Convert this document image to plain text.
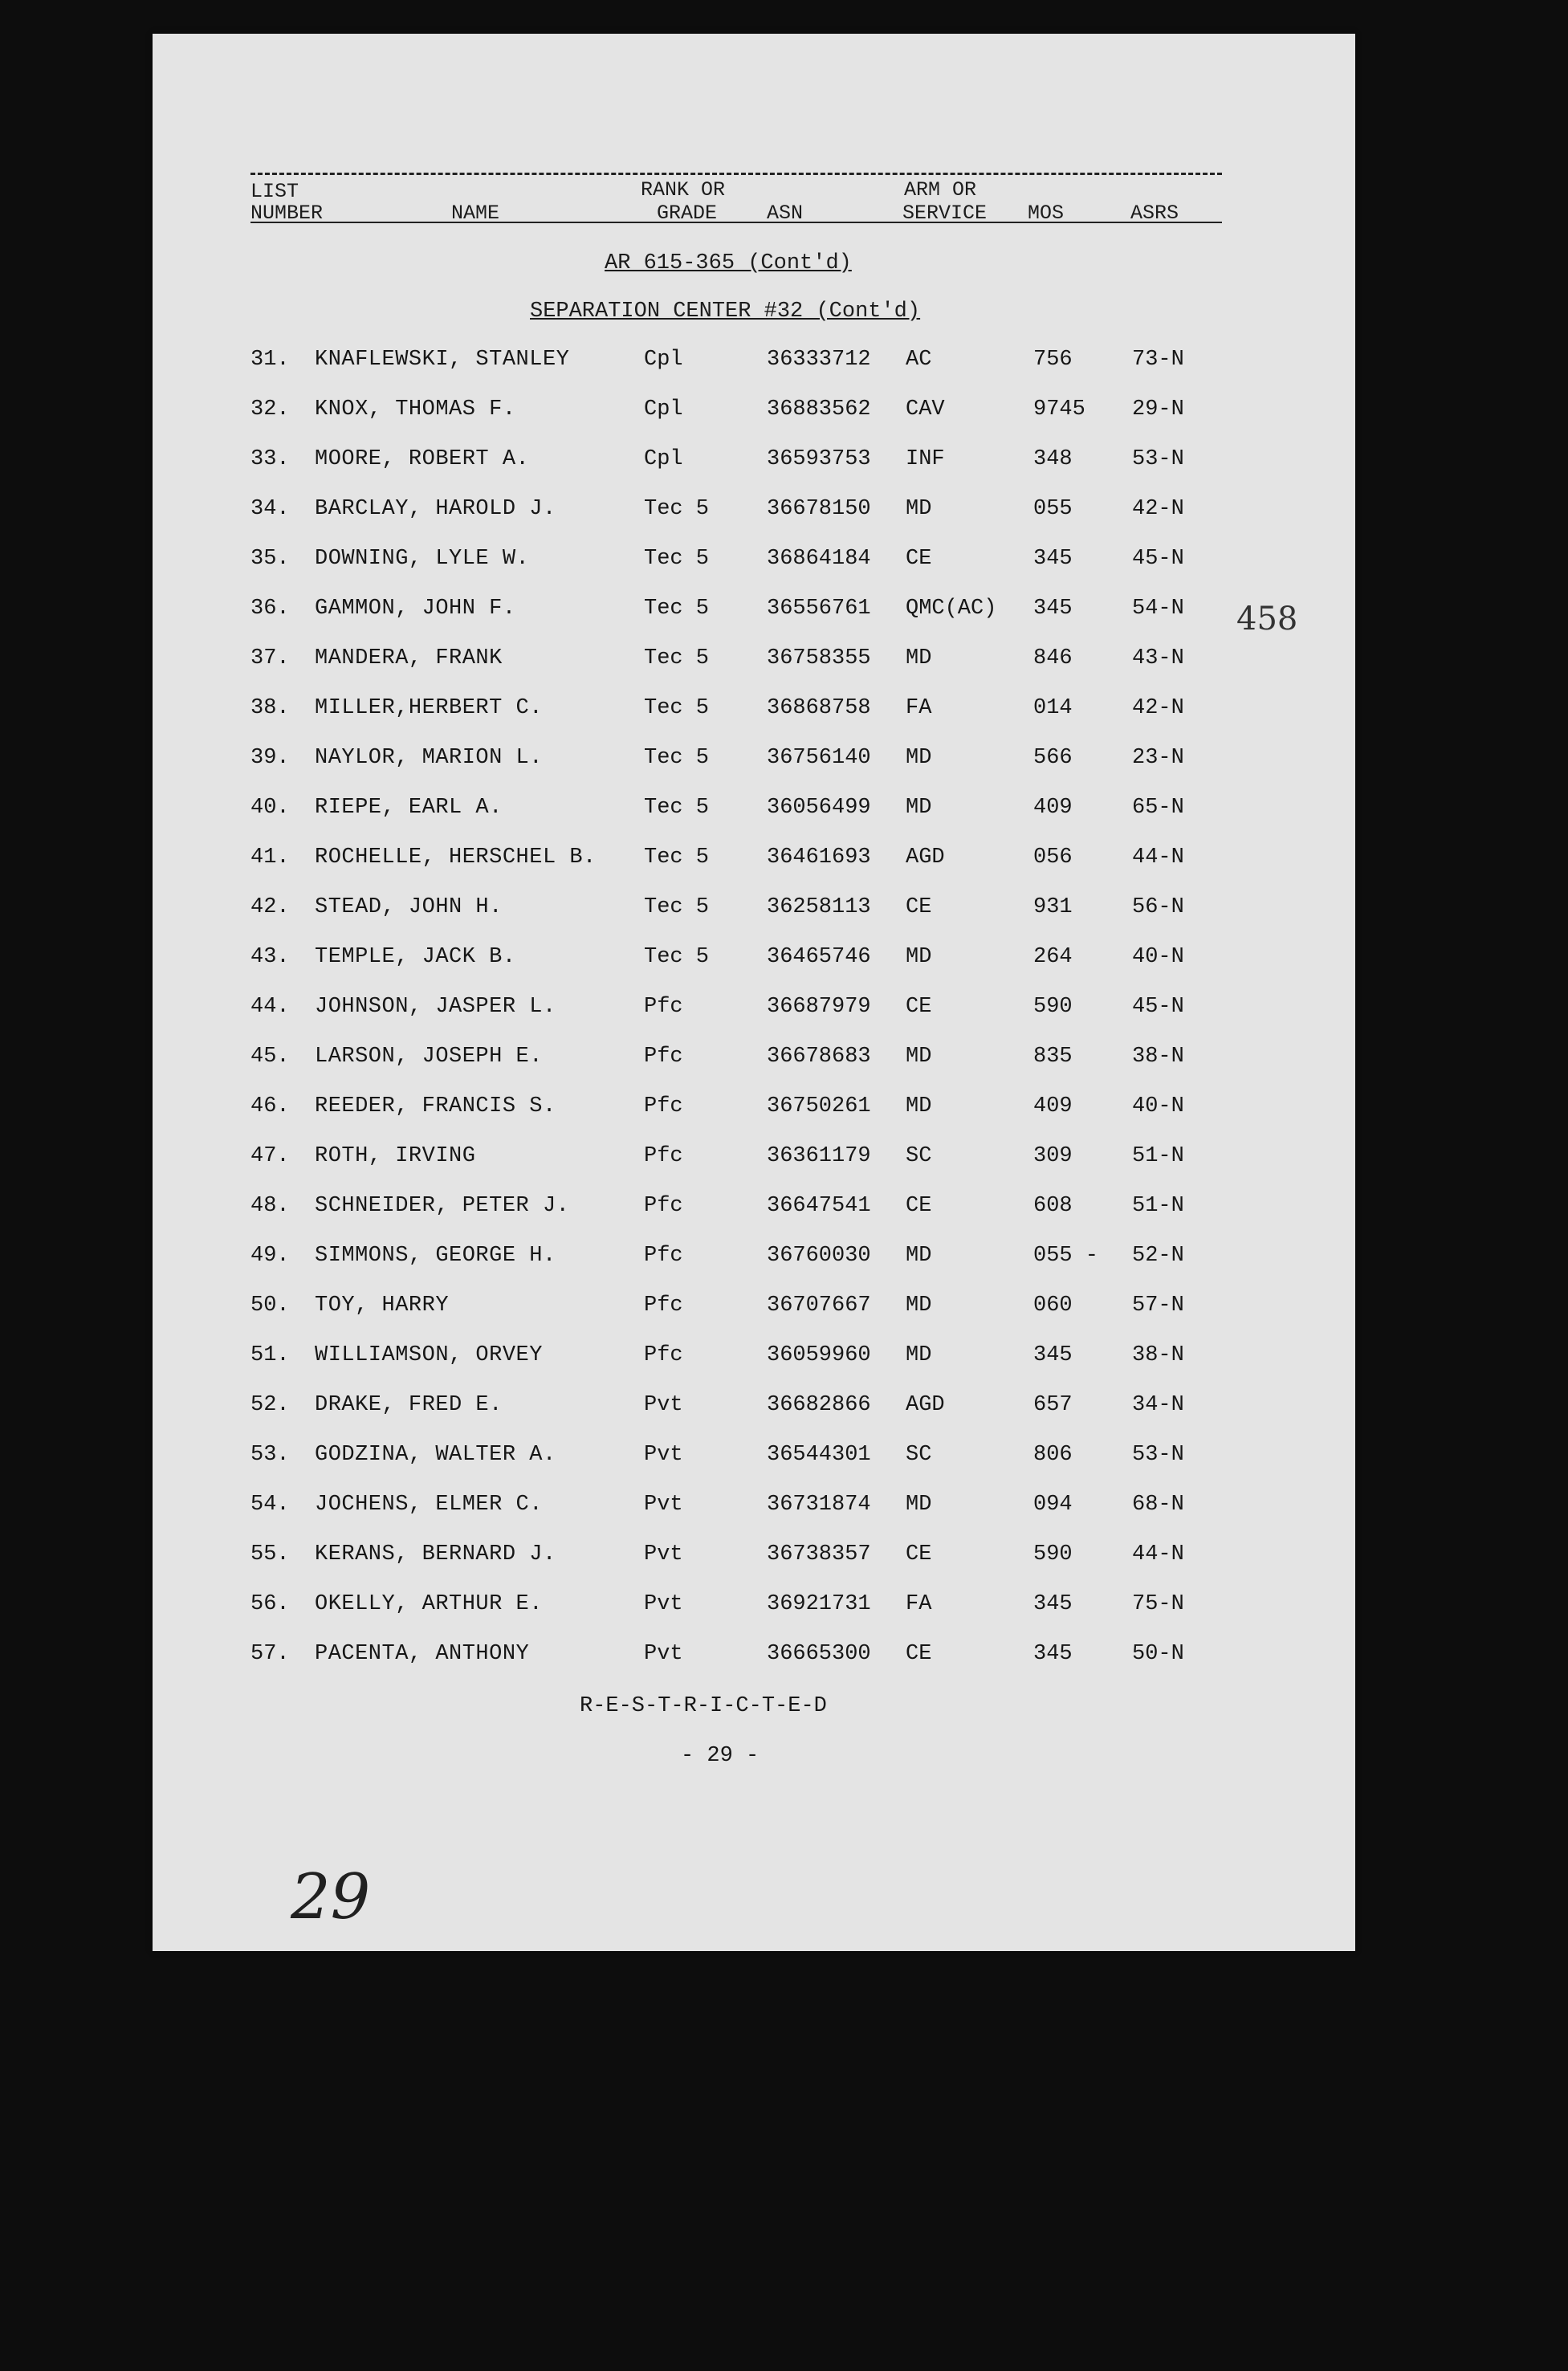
LIST
NUMBER	NAME
RANK OR
GRADE ASN
ARM OR
SERVICE MOS	ASRS
AR 615-365 (Cont'd)
SEPARATION CENTER #32 (Cont'd)
31. KNAFLEWSKI, STANLEY	Cpl	36333712 AC	756	73-N
32. KNOX, THOMAS F.	Cpl	36883562 CAV	9745 29-N
33. MOORE, ROBERT A.	Cpl	36593753 INF	348	53-N
34. BARCLAY, HAROLD J.	Tec 5	36678150 MD	055	42-N
35. DOWNING, LYLE W.	Tec 5	36864184 CE	345	45-N
36. GAMMON, JOHN F.	Tec 5	36556761 QMC(AC) 345	54-N
37. MANDERA, FRANK	Tec 5	36758355 MD	846	43-N
38. MILLER,HERBERT C.	Tec 5	36868758 FA	014	42-N
39. NAYLOR, MARION L.	Tec 5	36756140 MD	566	23-N
40. RIEPE, EARL A.	Tec 5	36056499 MD	409	65-N
41. ROCHELLE, HERSCHEL B. Tec 5	36461693 AGD	056	44-N
42. STEAD, JOHN H.	Tec 5	36258113 CE	931	56-N
43. TEMPLE, JACK B.	Tec 5	36465746 MD	264	40-N
44. JOHNSON, JASPER L.	Pfc	36687979 CE	590	45-N
45. LARSON, JOSEPH E.	Pfc	36678683 MD	835	38-N
46. REEDER, FRANCIS S.	Pfc	36750261 MD	409	40-N
47. ROTH, IRVING	Pfc	36361179 SC	309	51-N
48. SCHNEIDER, PETER J.	Pfc	36647541 CE	608	51-N
49. SIMMONS, GEORGE H.	Pfc	36760030 MD	055 - 52-N
50. TOY, HARRY	Pfc	36707667 MD	060	57-N
51. WILLIAMSON, ORVEY	Pfc	36059960 MD	345	38-N
52. DRAKE, FRED E.	Pvt	36682866 AGD	657	34-N
53. GODZINA, WALTER A.	Pvt	36544301 SC	806	53-N
54. JOCHENS, ELMER C.	Pvt	36731874 MD	094	68-N
55. KERANS, BERNARD J.	Pvt	36738357 CE	590	44-N
56. OKELLY, ARTHUR E.	Pvt	36921731 FA	345	75-N
57. PACENTA, ANTHONY	Pvt	36665300 CE	345	50-N
R-E-S-T-R-I-C-T-E-D
- 29 -
458
29
